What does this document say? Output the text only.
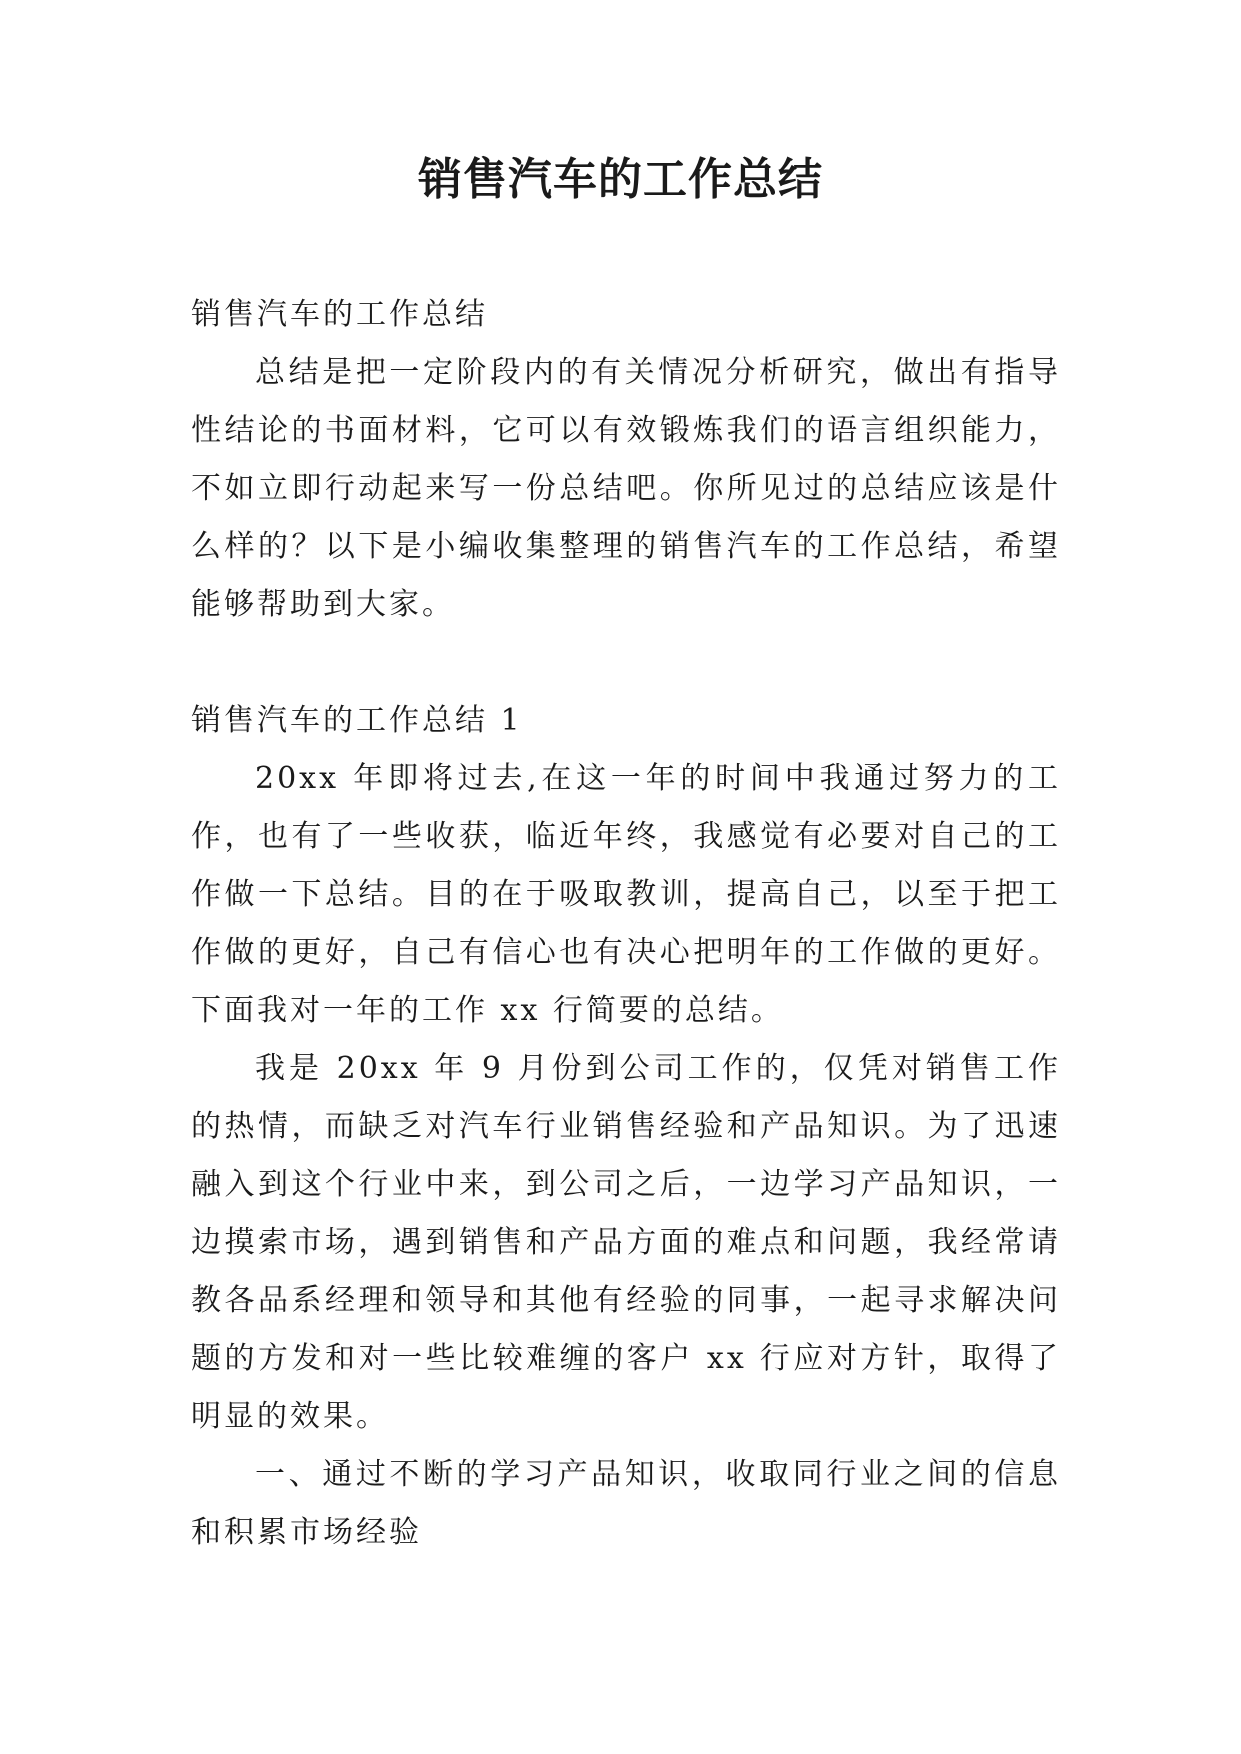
销售汽车的工作总结

销售汽车的工作总结

总结是把一定阶段内的有关情况分析研究，做出有指导性结论的书面材料，它可以有效锻炼我们的语言组织能力，不如立即行动起来写一份总结吧。你所见过的总结应该是什么样的？以下是小编收集整理的销售汽车的工作总结，希望能够帮助到大家。

销售汽车的工作总结 1

20xx 年即将过去,在这一年的时间中我通过努力的工作，也有了一些收获，临近年终，我感觉有必要对自己的工作做一下总结。目的在于吸取教训，提高自己，以至于把工作做的更好，自己有信心也有决心把明年的工作做的更好。下面我对一年的工作 xx 行简要的总结。

我是 20xx 年 9 月份到公司工作的，仅凭对销售工作的热情，而缺乏对汽车行业销售经验和产品知识。为了迅速融入到这个行业中来，到公司之后，一边学习产品知识，一边摸索市场，遇到销售和产品方面的难点和问题，我经常请教各品系经理和领导和其他有经验的同事，一起寻求解决问题的方发和对一些比较难缠的客户 xx 行应对方针，取得了明显的效果。

一、通过不断的学习产品知识，收取同行业之间的信息和积累市场经验
